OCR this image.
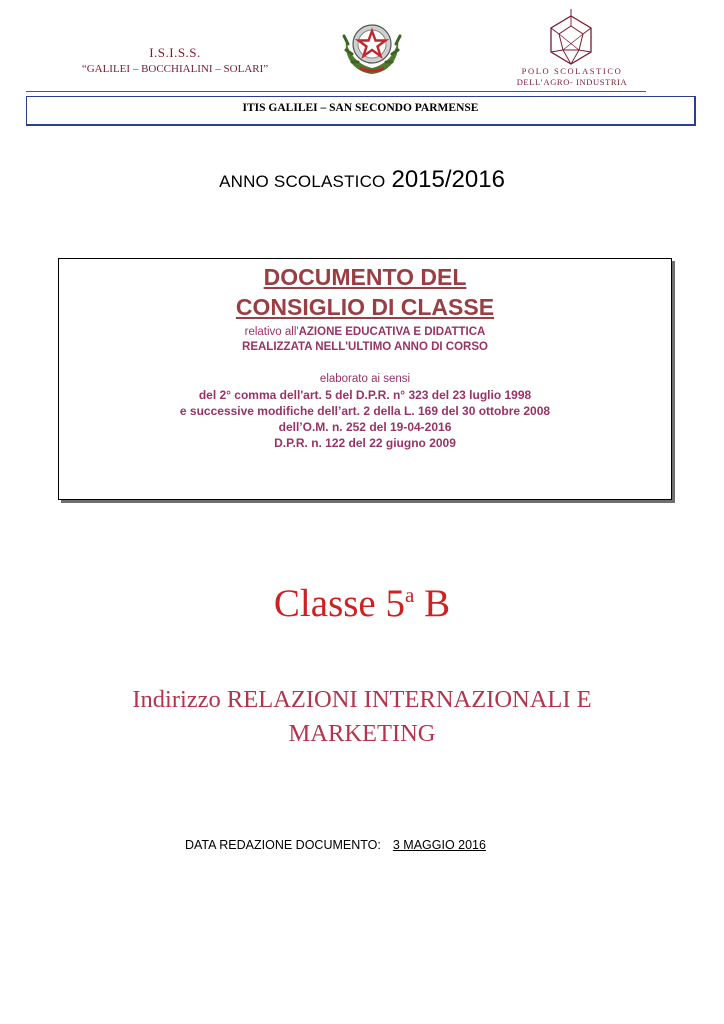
I.S.I.S.S.
“GALILEI – BOCCHIALINI – SOLARI”	POLO SCOLASTICO
DELL’AGRO- INDUSTRIA
ITIS GALILEI – SAN SECONDO PARMENSE
ANNO SCOLASTICO 2015/2016
DOCUMENTO DEL
CONSIGLIO DI CLASSE
relativo all'AZIONE EDUCATIVA E DIDATTICA
REALIZZATA NELL'ULTIMO ANNO DI CORSO
elaborato ai sensi
del 2° comma dell'art. 5 del D.P.R. n° 323 del 23 luglio 1998
e successive modifiche dell’art. 2 della L. 169 del 30 ottobre 2008
dell’O.M. n. 252 del 19-04-2016
D.P.R. n. 122 del 22 giugno 2009
Classe 5$^a$ B
Indirizzo RELAZIONI INTERNAZIONALI E MARKETING
DATA REDAZIONE DOCUMENTO: 3 MAGGIO 2016
